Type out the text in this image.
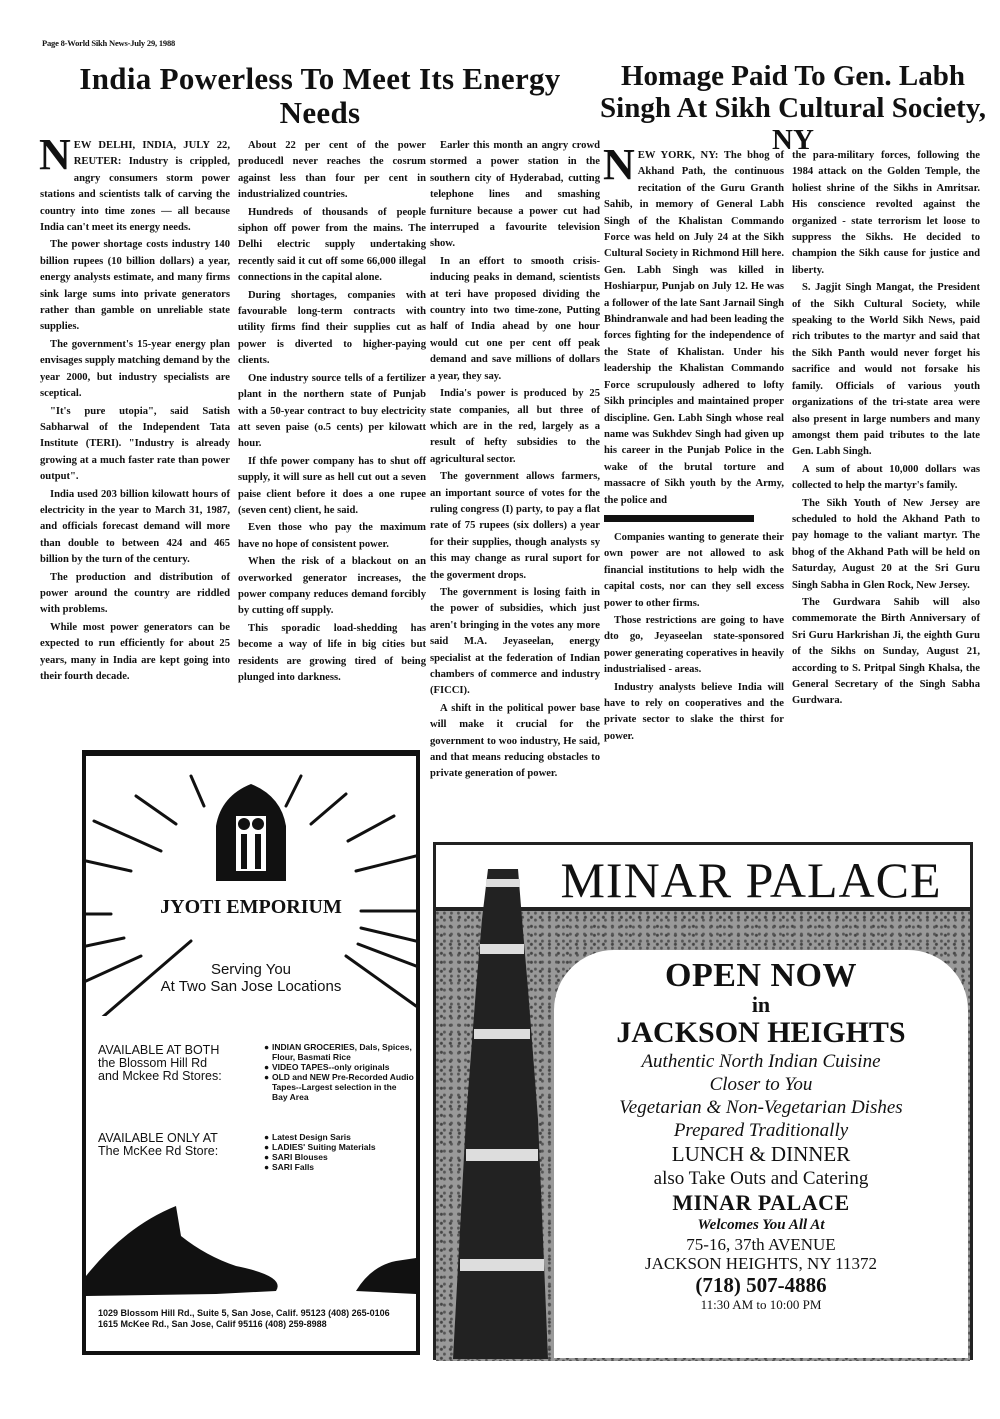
Page 8-World Sikh News-July 29, 1988
India Powerless To Meet Its Energy Needs

NEW DELHI, INDIA, JULY 22, REUTER: Industry is crippled, angry consumers storm power stations and scientists talk of carving the country into time zones — all because India can't meet its energy needs.

The power shortage costs industry 140 billion rupees (10 billion dollars) a year, energy analysts estimate, and many firms sink large sums into private generators rather than gamble on unreliable state supplies.

The government's 15-year energy plan envisages supply matching demand by the year 2000, but industry specialists are sceptical.

"It's pure utopia", said Satish Sabharwal of the Independent Tata Institute (TERI). "Industry is already growing at a much faster rate than power output".

India used 203 billion kilowatt hours of electricity in the year to March 31, 1987, and officials forecast demand will more than double to between 424 and 465 billion by the turn of the century.

The production and distribution of power around the country are riddled with problems.

While most power generators can be expected to run efficiently for about 25 years, many in India are kept going into their fourth decade.

About 22 per cent of the power producedl never reaches the cosrum against less than four per cent in industrialized countries.

Hundreds of thousands of people siphon off power from the mains. The Delhi electric supply undertaking recently said it cut off some 66,000 illegal connections in the capital alone.

During shortages, companies with favourable long-term contracts with utility firms find their supplies cut as power is diverted to higher-paying clients.

One industry source tells of a fertilizer plant in the northern state of Punjab with a 50-year contract to buy electricity att seven paise (o.5 cents) per kilowatt hour.

If thfe power company has to shut off supply, it will sure as hell cut out a seven paise client before it does a one rupee (seven cent) client, he said.

Even those who pay the maximum have no hope of consistent power.

When the risk of a blackout on an overworked generator increases, the power company reduces demand forcibly by cutting off supply.

This sporadic load-shedding has become a way of life in big cities but residents are growing tired of being plunged into darkness.

Earler this month an angry crowd stormed a power station in the southern city of Hyderabad, cutting telephone lines and smashing furniture because a power cut had interruped a favourite television show.

In an effort to smooth crisis-inducing peaks in demand, scientists at teri have proposed dividing the country into two time-zone, Putting half of India ahead by one hour would cut one per cent off peak demand and save millions of dollars a year, they say.

India's power is produced by 25 state companies, all but three of which are in the red, largely as a result of hefty subsidies to the agricultural sector.

The government allows farmers, an important source of votes for the ruling congress (I) party, to pay a flat rate of 75 rupees (six dollers) a year for their supplies, though analysts sy this may change as rural suport for the goverment drops.

The government is losing faith in the power of subsidies, which just aren't bringing in the votes any more said M.A. Jeyaseelan, energy specialist at the federation of Indian chambers of commerce and industry (FICCI).

A shift in the political power base will make it crucial for the government to woo industry, He said, and that means reducing obstacles to private generation of power.

Homage Paid To Gen. Labh Singh At Sikh Cultural Society, NY

NEW YORK, NY: The bhog of Akhand Path, the continuous recitation of the Guru Granth Sahib, in memory of General Labh Singh of the Khalistan Commando Force was held on July 24 at the Sikh Cultural Society in Richmond Hill here. Gen. Labh Singh was killed in Hoshiarpur, Punjab on July 12. He was a follower of the late Sant Jarnail Singh Bhindranwale and had been leading the forces fighting for the independence of the State of Khalistan. Under his leadership the Khalistan Commando Force scrupulously adhered to lofty Sikh principles and maintained proper discipline. Gen. Labh Singh whose real name was Sukhdev Singh had given up his career in the Punjab Police in the wake of the brutal torture and massacre of Sikh youth by the Army, the police and

Companies wanting to generate their own power are not allowed to ask financial institutions to help widh the capital costs, nor can they sell excess power to other firms.

Those restrictions are going to have dto go, Jeyaseelan state-sponsored power generating coperatives in heavily industrialised - areas.

Industry analysts believe India will have to rely on cooperatives and the private sector to slake the thirst for power.

the para-military forces, following the 1984 attack on the Golden Temple, the holiest shrine of the Sikhs in Amritsar. His conscience revolted against the organized - state terrorism let loose to suppress the Sikhs. He decided to champion the Sikh cause for justice and liberty.

S. Jagjit Singh Mangat, the President of the Sikh Cultural Society, while speaking to the World Sikh News, paid rich tributes to the martyr and said that the Sikh Panth would never forget his sacrifice and would not forsake his family. Officials of various youth organizations of the tri-state area were also present in large numbers and many amongst them paid tributes to the late Gen. Labh Singh.

A sum of about 10,000 dollars was collected to help the martyr's family.

The Sikh Youth of New Jersey are scheduled to hold the Akhand Path to pay homage to the valiant martyr. The bhog of the Akhand Path will be held on Saturday, August 20 at the Sri Guru Singh Sabha in Glen Rock, New Jersey.

The Gurdwara Sahib will also commemorate the Birth Anniversary of Sri Guru Harkrishan Ji, the eighth Guru of the Sikhs on Sunday, August 21, according to S. Pritpal Singh Khalsa, the General Secretary of the Singh Sabha Gurdwara.

JYOTI EMPORIUM
Serving You
At Two San Jose Locations
AVAILABLE AT BOTH
the Blossom Hill Rd
and Mckee Rd Stores:
● INDIAN GROCERIES, Dals, Spices, Flour, Basmati Rice
● VIDEO TAPES--only originals
● OLD and NEW Pre-Recorded Audio Tapes--Largest selection in the Bay Area
AVAILABLE ONLY AT
The McKee Rd Store:
● Latest Design Saris
● LADIES' Suiting Materials
● SARI Blouses
● SARI Falls
1029 Blossom Hill Rd., Suite 5, San Jose, Calif. 95123 (408) 265-0106
1615 McKee Rd., San Jose, Calif 95116 (408) 259-8988
MINAR PALACE
OPEN NOW
in
JACKSON HEIGHTS
Authentic North Indian Cuisine
Closer to You
Vegetarian & Non-Vegetarian Dishes
Prepared Traditionally
LUNCH & DINNER
also Take Outs and Catering
MINAR PALACE
Welcomes You All At
75-16, 37th AVENUE
JACKSON HEIGHTS, NY 11372
(718) 507-4886
11:30 AM to 10:00 PM
